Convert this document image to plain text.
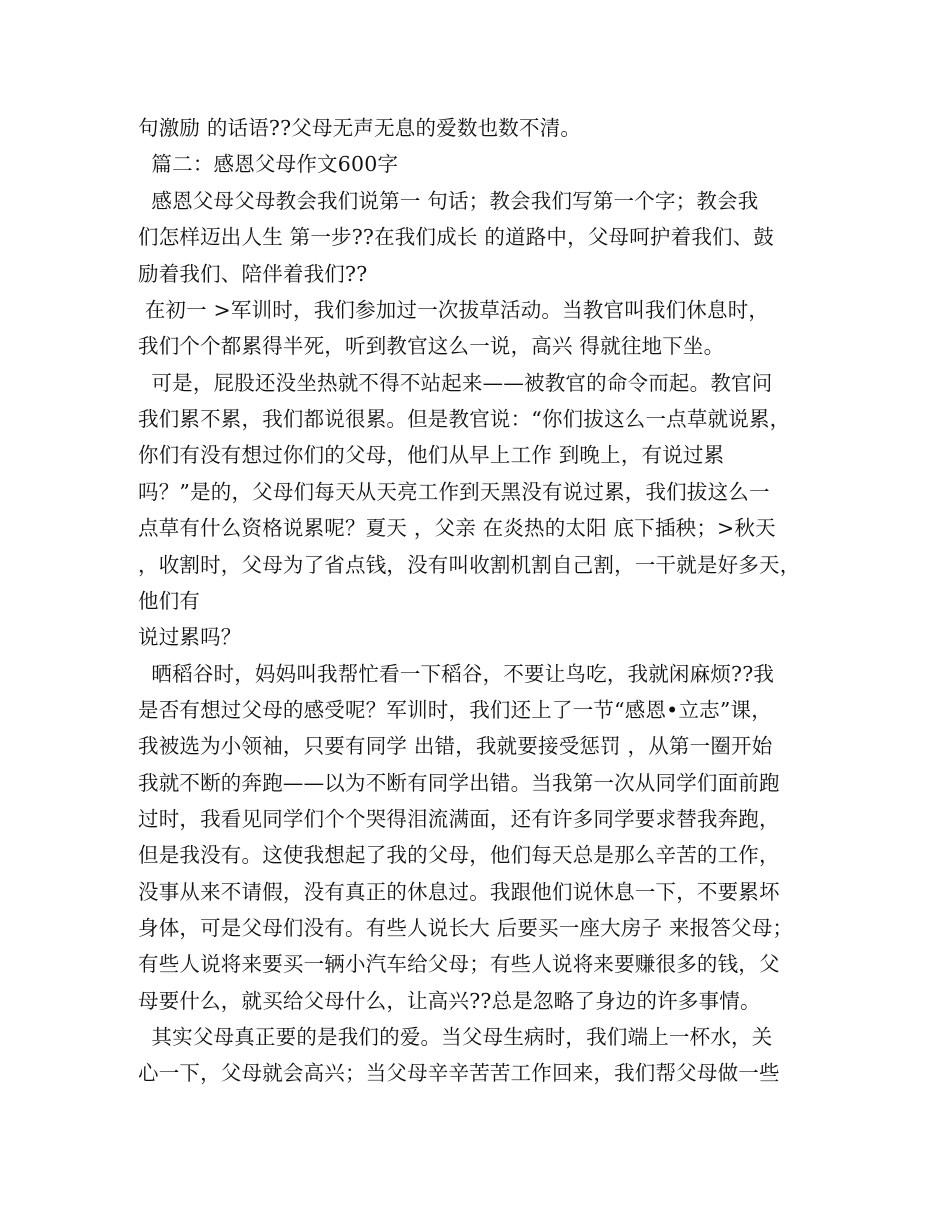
句激励 的话语??父母无声无息的爱数也数不清。
篇二：感恩父母作文600字
感恩父母父母教会我们说第一 句话；教会我们写第一个字；教会我
们怎样迈出人生 第一步??在我们成长 的道路中，父母呵护着我们、鼓
励着我们、陪伴着我们??
在初一 >军训时，我们参加过一次拔草活动。当教官叫我们休息时，
我们个个都累得半死，听到教官这么一说，高兴 得就往地下坐。
可是，屁股还没坐热就不得不站起来——被教官的命令而起。教官问
我们累不累，我们都说很累。但是教官说：“你们拔这么一点草就说累，
你们有没有想过你们的父母，他们从早上工作 到晚上，有说过累
吗？”是的，父母们每天从天亮工作到天黑没有说过累，我们拔这么一
点草有什么资格说累呢？夏天 ，父亲 在炎热的太阳 底下插秧；>秋天
，收割时，父母为了省点钱，没有叫收割机割自己割，一干就是好多天，
他们有
说过累吗？
晒稻谷时，妈妈叫我帮忙看一下稻谷，不要让鸟吃，我就闲麻烦??我
是否有想过父母的感受呢？军训时，我们还上了一节“感恩•立志”课，
我被选为小领袖，只要有同学 出错，我就要接受惩罚 ，从第一圈开始
我就不断的奔跑——以为不断有同学出错。当我第一次从同学们面前跑
过时，我看见同学们个个哭得泪流满面，还有许多同学要求替我奔跑，
但是我没有。这使我想起了我的父母，他们每天总是那么辛苦的工作，
没事从来不请假，没有真正的休息过。我跟他们说休息一下，不要累坏
身体，可是父母们没有。有些人说长大 后要买一座大房子 来报答父母；
有些人说将来要买一辆小汽车给父母；有些人说将来要赚很多的钱，父
母要什么，就买给父母什么，让高兴??总是忽略了身边的许多事情。
其实父母真正要的是我们的爱。当父母生病时，我们端上一杯水，关
心一下，父母就会高兴；当父母辛辛苦苦工作回来，我们帮父母做一些
